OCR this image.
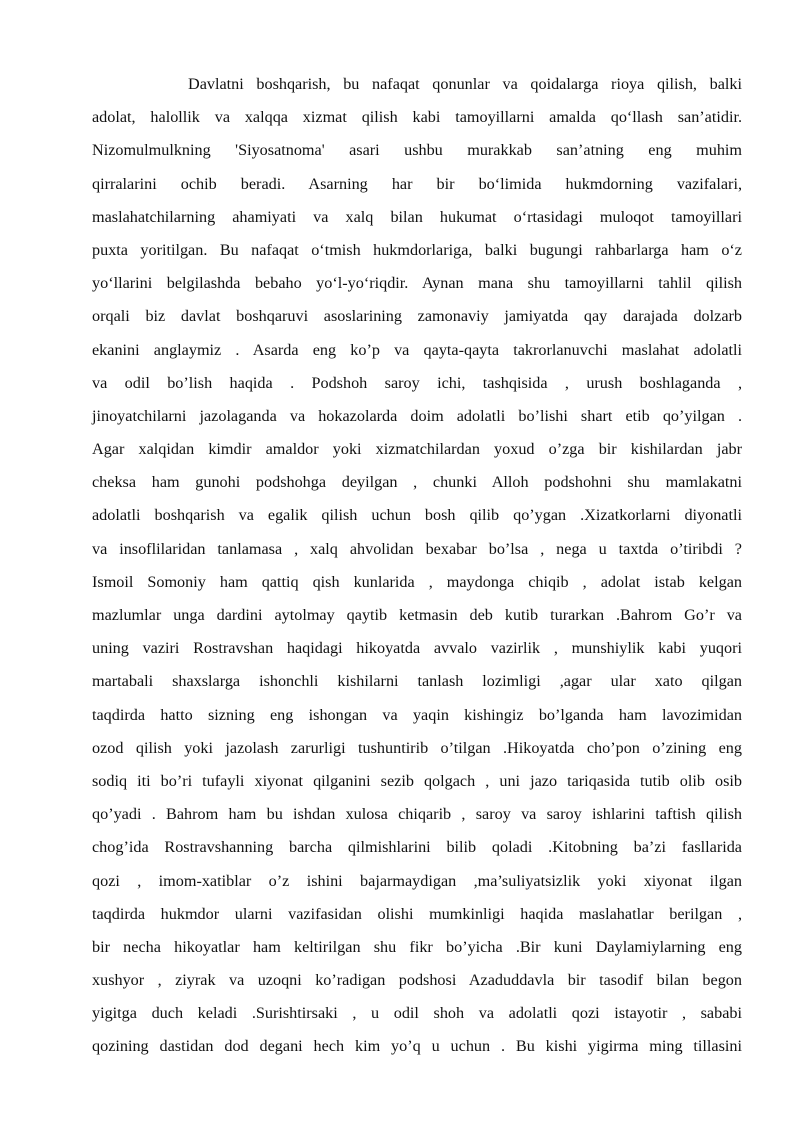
Davlatni boshqarish, bu nafaqat qonunlar va qoidalarga rioya qilish, balki
adolat, halollik va xalqqa xizmat qilish kabi tamoyillarni amalda qo‘llash san’atidir.
Nizomulmulkning 'Siyosatnoma' asari ushbu murakkab san’atning eng muhim
qirralarini ochib beradi. Asarning har bir bo‘limida hukmdorning vazifalari,
maslahatchilarning ahamiyati va xalq bilan hukumat o‘rtasidagi muloqot tamoyillari
puxta yoritilgan. Bu nafaqat o‘tmish hukmdorlariga, balki bugungi rahbarlarga ham o‘z
yo‘llarini belgilashda bebaho yo‘l-yo‘riqdir. Aynan mana shu tamoyillarni tahlil qilish
orqali biz davlat boshqaruvi asoslarining zamonaviy jamiyatda qay darajada dolzarb
ekanini anglaymiz . Asarda eng ko’p va qayta-qayta takrorlanuvchi maslahat adolatli
va odil bo’lish haqida . Podshoh saroy ichi, tashqisida , urush boshlaganda ,
jinoyatchilarni jazolaganda va hokazolarda doim adolatli bo’lishi shart etib qo’yilgan .
Agar xalqidan kimdir amaldor yoki xizmatchilardan yoxud o’zga bir kishilardan jabr
cheksa ham gunohi podshohga deyilgan , chunki Alloh podshohni shu mamlakatni
adolatli boshqarish va egalik qilish uchun bosh qilib qo’ygan .Xizatkorlarni diyonatli
va insoflilaridan tanlamasa , xalq ahvolidan bexabar bo’lsa , nega u taxtda o’tiribdi ?
Ismoil Somoniy ham qattiq qish kunlarida , maydonga chiqib , adolat istab kelgan
mazlumlar unga dardini aytolmay qaytib ketmasin deb kutib turarkan .Bahrom Go’r va
uning vaziri Rostravshan haqidagi hikoyatda avvalo vazirlik , munshiylik kabi yuqori
martabali shaxslarga ishonchli kishilarni tanlash lozimligi ,agar ular xato qilgan
taqdirda hatto sizning eng ishongan va yaqin kishingiz bo’lganda ham lavozimidan
ozod qilish yoki jazolash zarurligi tushuntirib o’tilgan .Hikoyatda cho’pon o’zining eng
sodiq iti bo’ri tufayli xiyonat qilganini sezib qolgach , uni jazo tariqasida tutib olib osib
qo’yadi . Bahrom ham bu ishdan xulosa chiqarib , saroy va saroy ishlarini taftish qilish
chog’ida Rostravshanning barcha qilmishlarini bilib qoladi .Kitobning ba’zi fasllarida
qozi , imom-xatiblar o’z ishini bajarmaydigan ,ma’suliyatsizlik yoki xiyonat ilgan
taqdirda hukmdor ularni vazifasidan olishi mumkinligi haqida maslahatlar berilgan ,
bir necha hikoyatlar ham keltirilgan shu fikr bo’yicha .Bir kuni Daylamiylarning eng
xushyor , ziyrak va uzoqni ko’radigan podshosi Azaduddavla bir tasodif bilan begon
yigitga duch keladi .Surishtirsaki , u odil shoh va adolatli qozi istayotir , sababi
qozining dastidan dod degani hech kim yo’q u uchun . Bu kishi yigirma ming tillasini
